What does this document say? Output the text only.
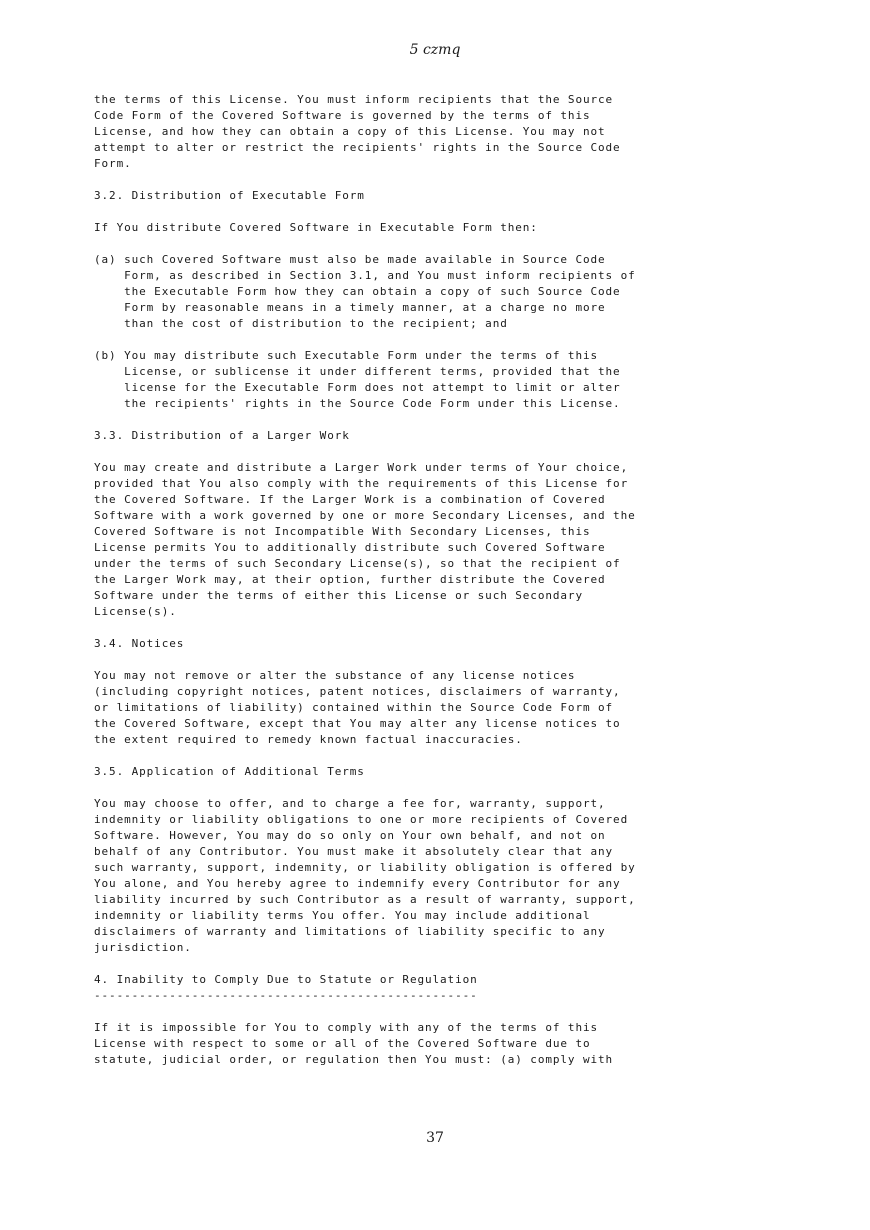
5 czmq
the terms of this License. You must inform recipients that the Source
Code Form of the Covered Software is governed by the terms of this
License, and how they can obtain a copy of this License. You may not
attempt to alter or restrict the recipients' rights in the Source Code
Form.
3.2. Distribution of Executable Form
If You distribute Covered Software in Executable Form then:
(a) such Covered Software must also be made available in Source Code
Form, as described in Section 3.1, and You must inform recipients of
the Executable Form how they can obtain a copy of such Source Code
Form by reasonable means in a timely manner, at a charge no more
than the cost of distribution to the recipient; and
(b) You may distribute such Executable Form under the terms of this
License, or sublicense it under different terms, provided that the
license for the Executable Form does not attempt to limit or alter
the recipients' rights in the Source Code Form under this License.
3.3. Distribution of a Larger Work
You may create and distribute a Larger Work under terms of Your choice,
provided that You also comply with the requirements of this License for
the Covered Software. If the Larger Work is a combination of Covered
Software with a work governed by one or more Secondary Licenses, and the
Covered Software is not Incompatible With Secondary Licenses, this
License permits You to additionally distribute such Covered Software
under the terms of such Secondary License(s), so that the recipient of
the Larger Work may, at their option, further distribute the Covered
Software under the terms of either this License or such Secondary
License(s).
3.4. Notices
You may not remove or alter the substance of any license notices
(including copyright notices, patent notices, disclaimers of warranty,
or limitations of liability) contained within the Source Code Form of
the Covered Software, except that You may alter any license notices to
the extent required to remedy known factual inaccuracies.
3.5. Application of Additional Terms
You may choose to offer, and to charge a fee for, warranty, support,
indemnity or liability obligations to one or more recipients of Covered
Software. However, You may do so only on Your own behalf, and not on
behalf of any Contributor. You must make it absolutely clear that any
such warranty, support, indemnity, or liability obligation is offered by
You alone, and You hereby agree to indemnify every Contributor for any
liability incurred by such Contributor as a result of warranty, support,
indemnity or liability terms You offer. You may include additional
disclaimers of warranty and limitations of liability specific to any
jurisdiction.
4. Inability to Comply Due to Statute or Regulation
---------------------------------------------------
If it is impossible for You to comply with any of the terms of this
License with respect to some or all of the Covered Software due to
statute, judicial order, or regulation then You must: (a) comply with
37
